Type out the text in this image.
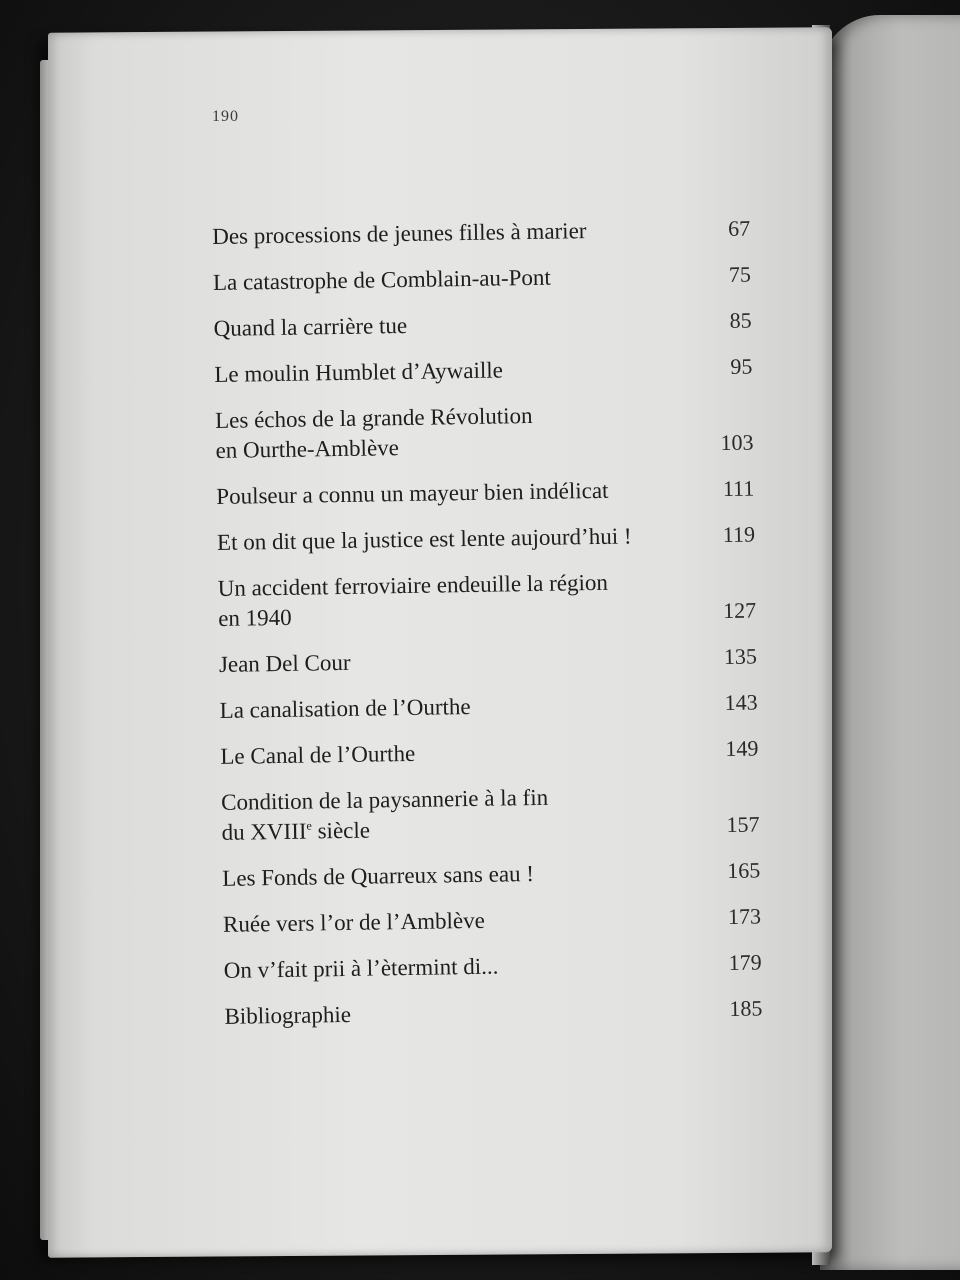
190
Des processions de jeunes filles à marier	67
La catastrophe de Comblain-au-Pont	75
Quand la carrière tue	85
Le moulin Humblet d’Aywaille	95
Les échos de la grande Révolution
en Ourthe-Amblève	103
Poulseur a connu un mayeur bien indélicat	111
Et on dit que la justice est lente aujourd’hui !	119
Un accident ferroviaire endeuille la région
en 1940	127
Jean Del Cour	135
La canalisation de l’Ourthe	143
Le Canal de l’Ourthe	149
Condition de la paysannerie à la fin
du XVIIIe siècle	157
Les Fonds de Quarreux sans eau !	165
Ruée vers l’or de l’Amblève	173
On v’fait prii à l’ètermint di...	179
Bibliographie	185
